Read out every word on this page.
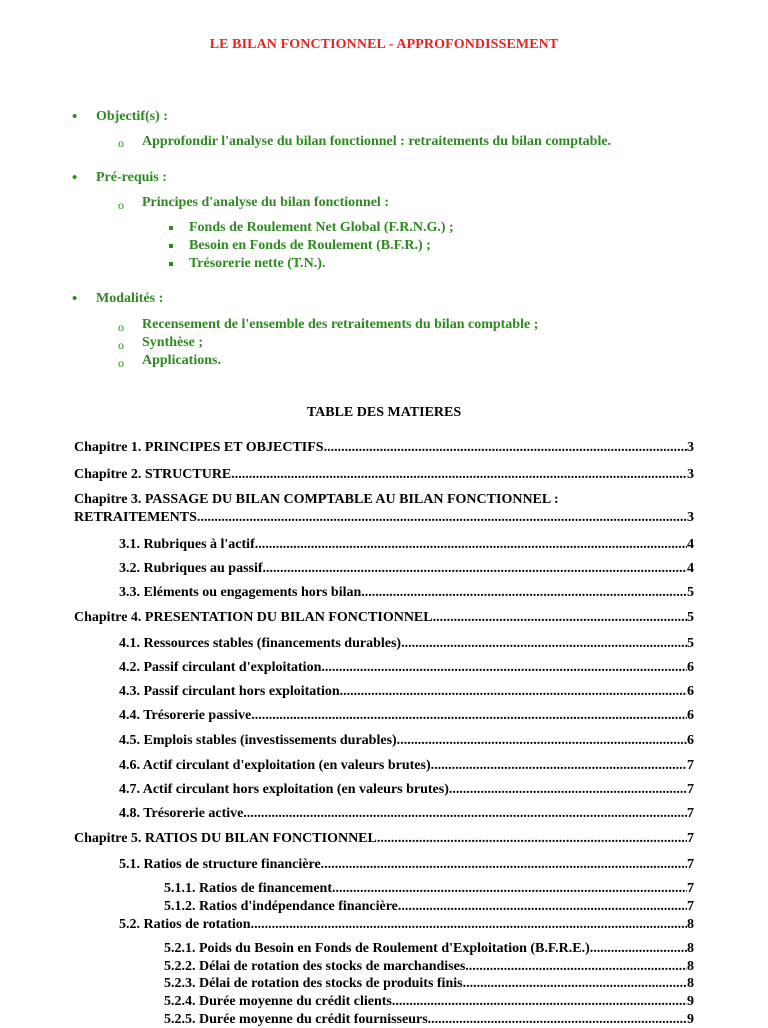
LE BILAN FONCTIONNEL - APPROFONDISSEMENT
• Objectif(s) :
o Approfondir l'analyse du bilan fonctionnel : retraitements du bilan comptable.
• Pré-requis :
o Principes d'analyse du bilan fonctionnel :
Fonds de Roulement Net Global (F.R.N.G.) ;
Besoin en Fonds de Roulement (B.F.R.) ;
Trésorerie nette (T.N.).
• Modalités :
o Recensement de l'ensemble des retraitements du bilan comptable ;
o Synthèse ;
o Applications.
TABLE DES MATIERES
Chapitre 1. PRINCIPES ET OBJECTIFS. .....	3
Chapitre 2. STRUCTURE. .....	3
Chapitre 3. PASSAGE DU BILAN COMPTABLE AU BILAN FONCTIONNEL :
RETRAITEMENTS .....	3
3.1. Rubriques à l'actif. .....	4
3.2. Rubriques au passif. .....	4
3.3. Eléments ou engagements hors bilan. .....	5
Chapitre 4. PRESENTATION DU BILAN FONCTIONNEL. .....	5
4.1. Ressources stables (financements durables). .....	5
4.2. Passif circulant d'exploitation. .....	6
4.3. Passif circulant hors exploitation. .....	6
4.4. Trésorerie passive. .....	6
4.5. Emplois stables (investissements durables). .....	6
4.6. Actif circulant d'exploitation (en valeurs brutes) .....	7
4.7. Actif circulant hors exploitation (en valeurs brutes). .....	7
4.8. Trésorerie active. .....	7
Chapitre 5. RATIOS DU BILAN FONCTIONNEL. .....	7
5.1. Ratios de structure financière. .....	7
5.1.1. Ratios de financement. .....	7
5.1.2. Ratios d'indépendance financière. .....	7
5.2. Ratios de rotation. .....	8
5.2.1. Poids du Besoin en Fonds de Roulement d'Exploitation (B.F.R.E.). .....	8
5.2.2. Délai de rotation des stocks de marchandises. .....	8
5.2.3. Délai de rotation des stocks de produits finis. .....	8
5.2.4. Durée moyenne du crédit clients. .....	9
5.2.5. Durée moyenne du crédit fournisseurs. .....	9
